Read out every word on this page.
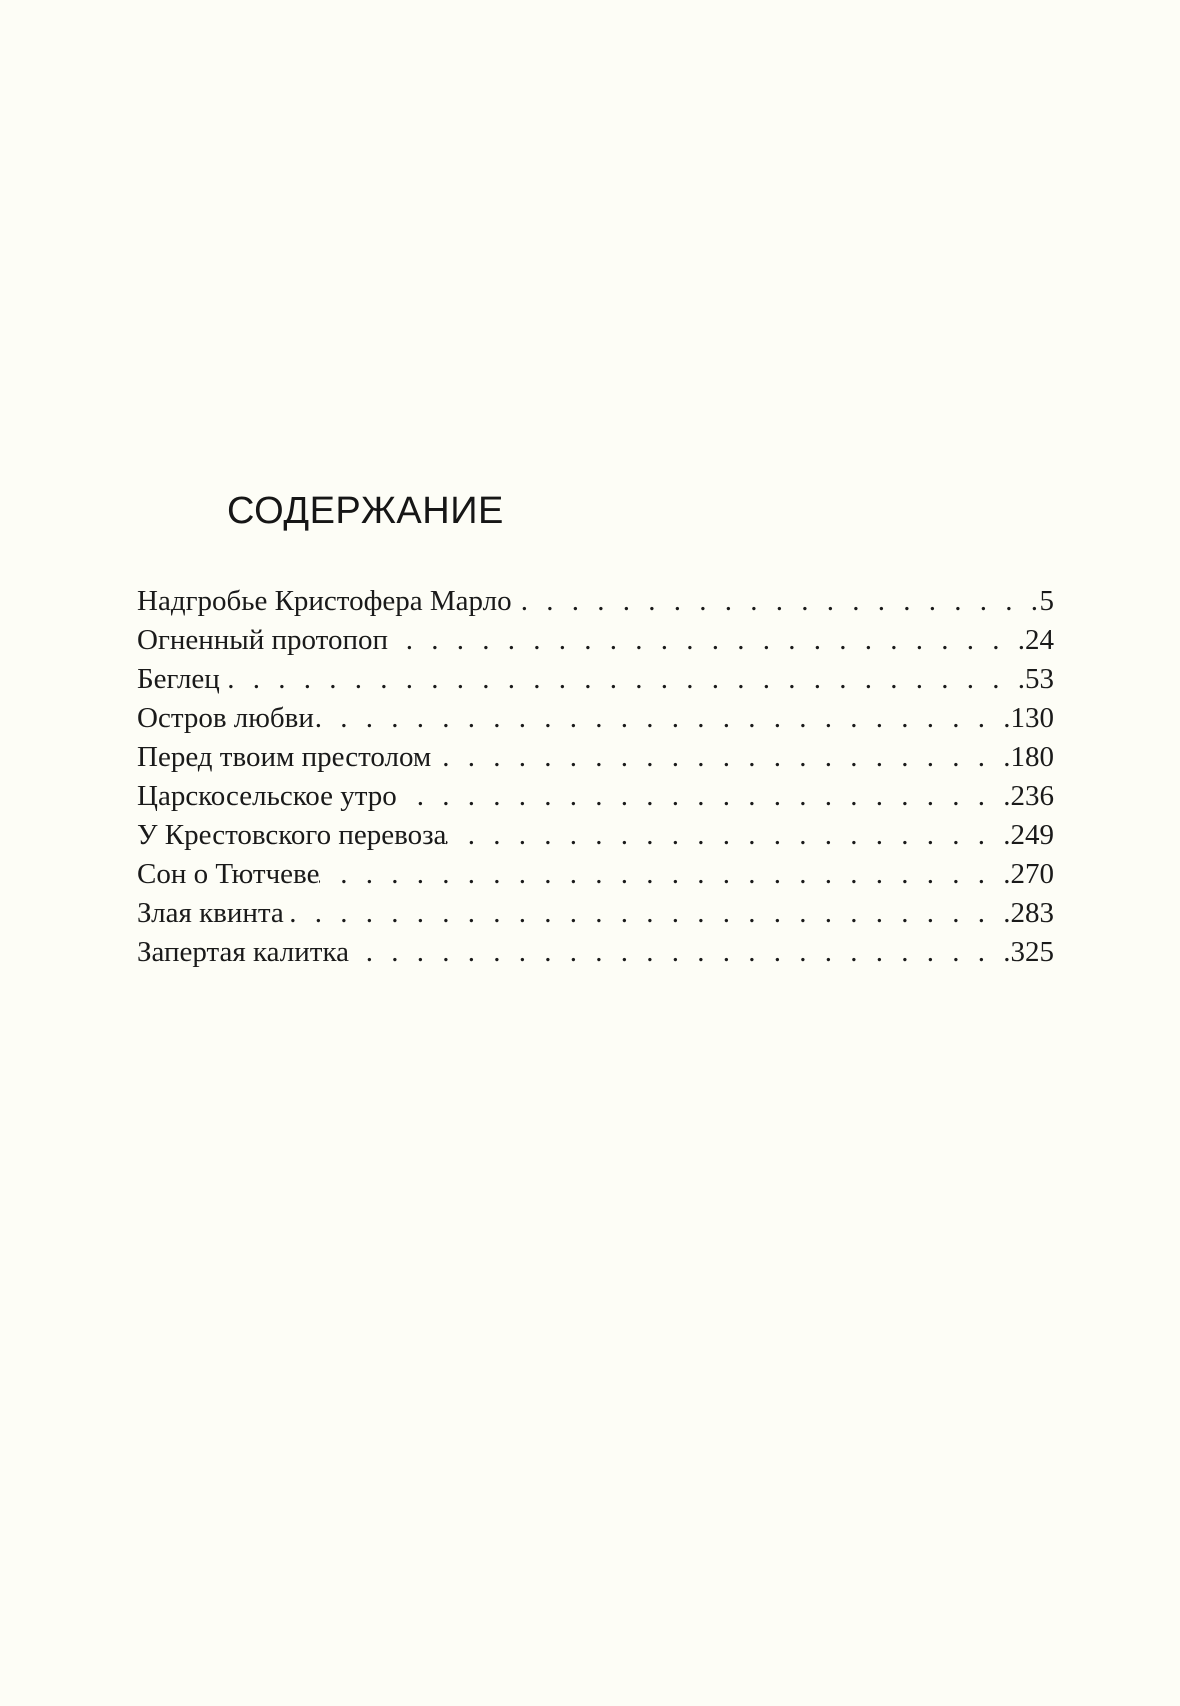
СОДЕРЖАНИЕ
Надгробье Кристофера Марло . . .	5
Огненный протопоп . . .	24
Беглец . . .	53
Остров любви . . .	130
Перед твоим престолом . . .	180
Царскосельское утро . . .	236
У Крестовского перевоза . . .	249
Сон о Тютчеве . . .	270
Злая квинта . . .	283
Запертая калитка . . .	325
